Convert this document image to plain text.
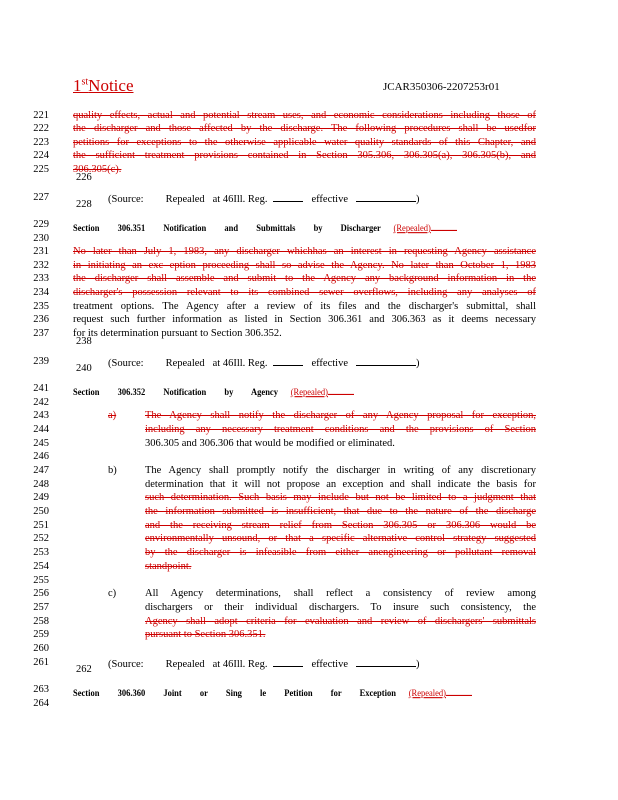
1stNotice	JCAR350306-2207253r01
221 quality effects, actual and potential stream uses, and economic considerations including those of
222 the discharger and those affected by the discharge. The following procedures shall be usedfor
223 petitions for exceptions to the otherwise applicable water quality standards of this Chapter, and
224 the sufficient treatment provisions contained in Section 305.306, 306.305(a), 306.305(b), and
225 306.305(c).
226
227	(Source: Repealed at 46Ill. Reg.	effective	)
228
229	Section 306.351 Notification and Submittals by Discharger (Repealed)
230
231 No later than July 1, 1983, any discharger whichhas an interest in requesting Agency assistance
232 in initiating an exc eption proceeding shall so advise the Agency. No later than October 1, 1983
233 the discharger shall assemble and submit to the Agency any background information in the
234 discharger's possession relevant to its combined sewer overflows, including any analyses of
235 treatment options. The Agency after a review of its files and the discharger's submittal, shall
236 request such further information as listed in Section 306.361 and 306.363 as it deems necessary
237 for its determination pursuant to Section 306.352.
238
239	(Source: Repealed at 46Ill. Reg.	effective	)
240
241	Section 306.352 Notification by Agency (Repealed)
242
243	a)	The Agency shall notify the discharger of any Agency proposal for exception,
244	including any necessary treatment conditions and the provisions of Section
245	306.305 and 306.306 that would be modified or eliminated.
246
247	b)	The Agency shall promptly notify the discharger in writing of any discretionary
248	determination that it will not propose an exception and shall indicate the basis for
249	such determination. Such basis may include but not be limited to a judgment that
250	the information submitted is insufficient, that due to the nature of the discharge
251	and the receiving stream relief from Section 306.305 or 306.306 would be
252	environmentally unsound, or that a specific alternative control strategy suggested
253	by the discharger is infeasible from either anengineering or pollutant removal
254	standpoint.
255
256	c)	All Agency determinations, shall reflect a consistency of review among
257	dischargers or their individual dischargers. To insure such consistency, the
258	Agency shall adopt criteria for evaluation and review of dischargers' submittals
259	pursuant to Section 306.351.
260
261	(Source: Repealed at 46Ill. Reg.	effective	)
262
263	Section 306.360 Joint or Sing le Petition for Exception (Repealed)
264
